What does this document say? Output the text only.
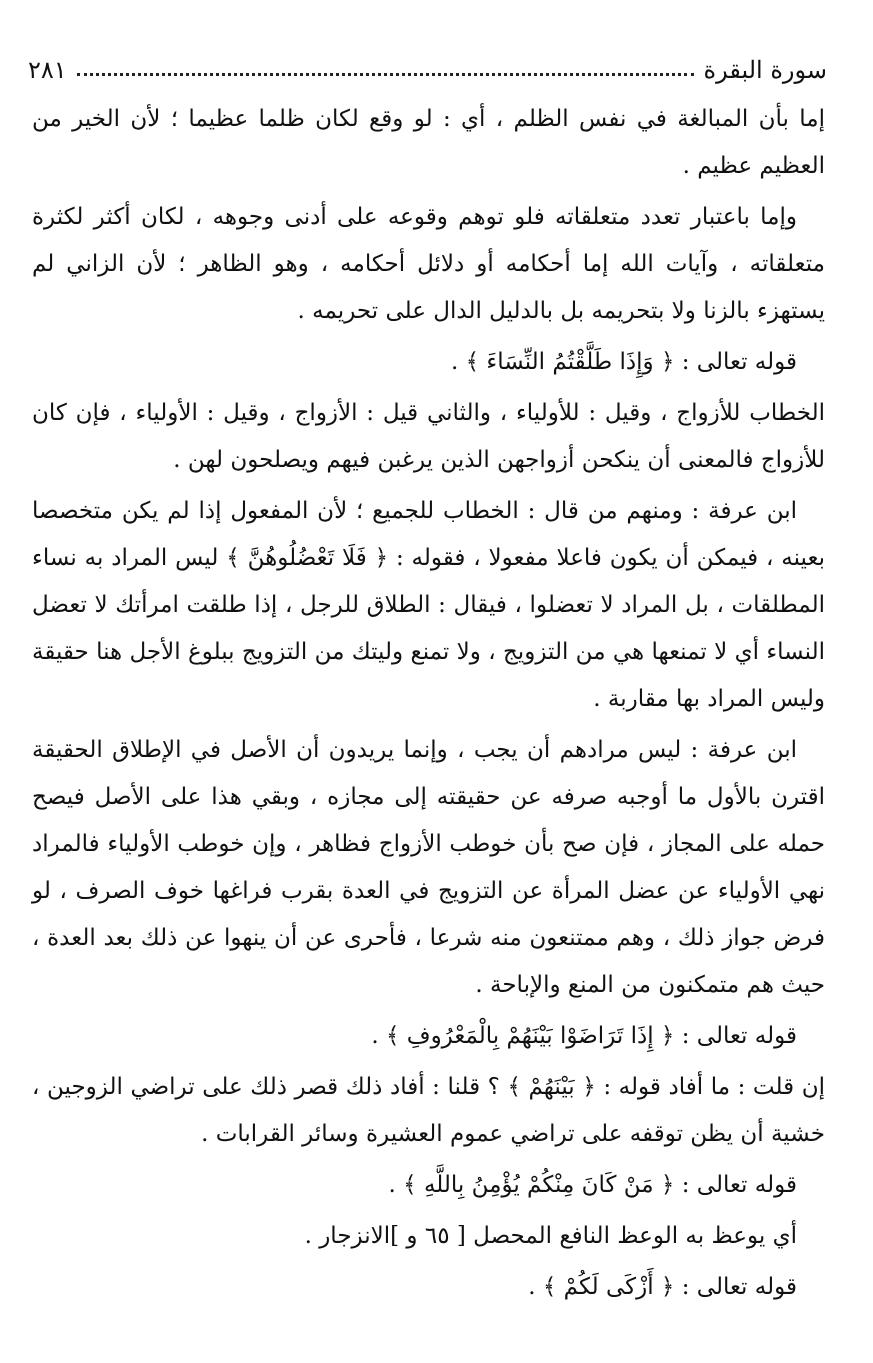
سورة البقرة
٢٨١

إما بأن المبالغة في نفس الظلم ، أي : لو وقع لكان ظلما عظيما ؛ لأن الخير من العظيم عظيم .

وإما باعتبار تعدد متعلقاته فلو توهم وقوعه على أدنى وجوهه ، لكان أكثر لكثرة متعلقاته ، وآيات الله إما أحكامه أو دلائل أحكامه ، وهو الظاهر ؛ لأن الزاني لم يستهزء بالزنا ولا بتحريمه بل بالدليل الدال على تحريمه .

قوله تعالى : ﴿ وَإِذَا طَلَّقْتُمُ النِّسَاءَ ﴾ .

الخطاب للأزواج ، وقيل : للأولياء ، والثاني قيل : الأزواج ، وقيل : الأولياء ، فإن كان للأزواج فالمعنى أن ينكحن أزواجهن الذين يرغبن فيهم ويصلحون لهن .

ابن عرفة : ومنهم من قال : الخطاب للجميع ؛ لأن المفعول إذا لم يكن متخصصا بعينه ، فيمكن أن يكون فاعلا مفعولا ، فقوله : ﴿ فَلَا تَعْضُلُوهُنَّ ﴾ ليس المراد به نساء المطلقات ، بل المراد لا تعضلوا ، فيقال : الطلاق للرجل ، إذا طلقت امرأتك لا تعضل النساء أي لا تمنعها هي من التزويج ، ولا تمنع وليتك من التزويج ببلوغ الأجل هنا حقيقة وليس المراد بها مقاربة .

ابن عرفة : ليس مرادهم أن يجب ، وإنما يريدون أن الأصل في الإطلاق الحقيقة اقترن بالأول ما أوجبه صرفه عن حقيقته إلى مجازه ، وبقي هذا على الأصل فيصح حمله على المجاز ، فإن صح بأن خوطب الأزواج فظاهر ، وإن خوطب الأولياء فالمراد نهي الأولياء عن عضل المرأة عن التزويج في العدة بقرب فراغها خوف الصرف ، لو فرض جواز ذلك ، وهم ممتنعون منه شرعا ، فأحرى عن أن ينهوا عن ذلك بعد العدة ، حيث هم متمكنون من المنع والإباحة .

قوله تعالى : ﴿ إِذَا تَرَاضَوْا بَيْنَهُمْ بِالْمَعْرُوفِ ﴾ .

إن قلت : ما أفاد قوله : ﴿ بَيْنَهُمْ ﴾ ؟ قلنا : أفاد ذلك قصر ذلك على تراضي الزوجين ، خشية أن يظن توقفه على تراضي عموم العشيرة وسائر القرابات .

قوله تعالى : ﴿ مَنْ كَانَ مِنْكُمْ يُؤْمِنُ بِاللَّهِ ﴾ .

أي يوعظ به الوعظ النافع المحصل [ ٦٥ و ]الانزجار .

قوله تعالى : ﴿ أَزْكَى لَكُمْ ﴾ .
